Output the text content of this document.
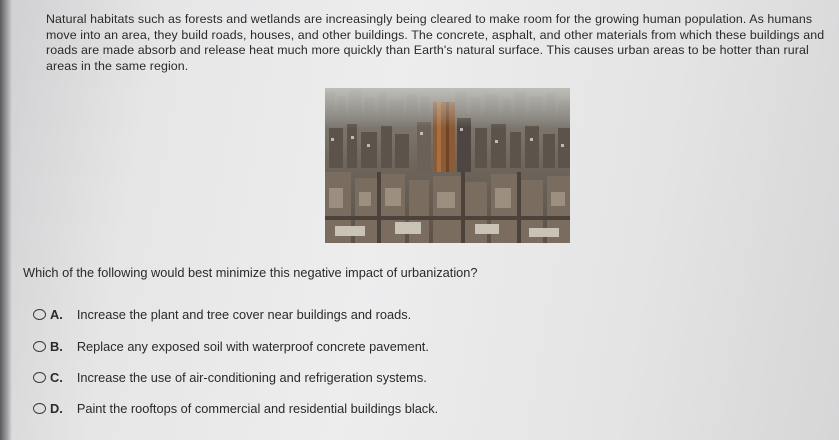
Natural habitats such as forests and wetlands are increasingly being cleared to make room for the growing human population. As humans move into an area, they build roads, houses, and other buildings. The concrete, asphalt, and other materials from which these buildings and roads are made absorb and release heat much more quickly than Earth's natural surface. This causes urban areas to be hotter than rural areas in the same region.

Which of the following would best minimize this negative impact of urbanization?

A. Increase the plant and tree cover near buildings and roads.
B. Replace any exposed soil with waterproof concrete pavement.
C. Increase the use of air-conditioning and refrigeration systems.
D. Paint the rooftops of commercial and residential buildings black.
